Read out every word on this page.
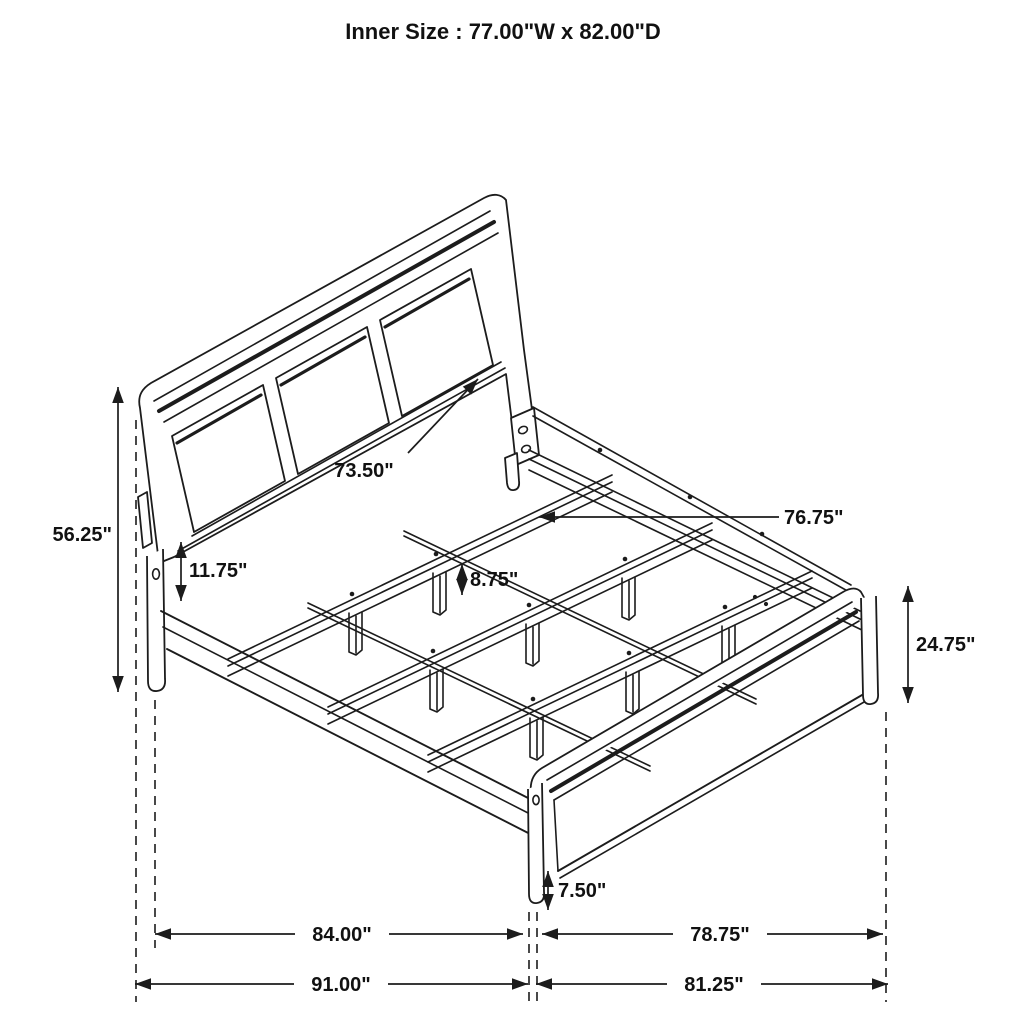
Inner Size : 77.00"W x 82.00"D
56.25"
73.50"
76.75"
11.75"	8.75"
24.75"
7.50"
84.00"	78.75"
91.00"	81.25"
